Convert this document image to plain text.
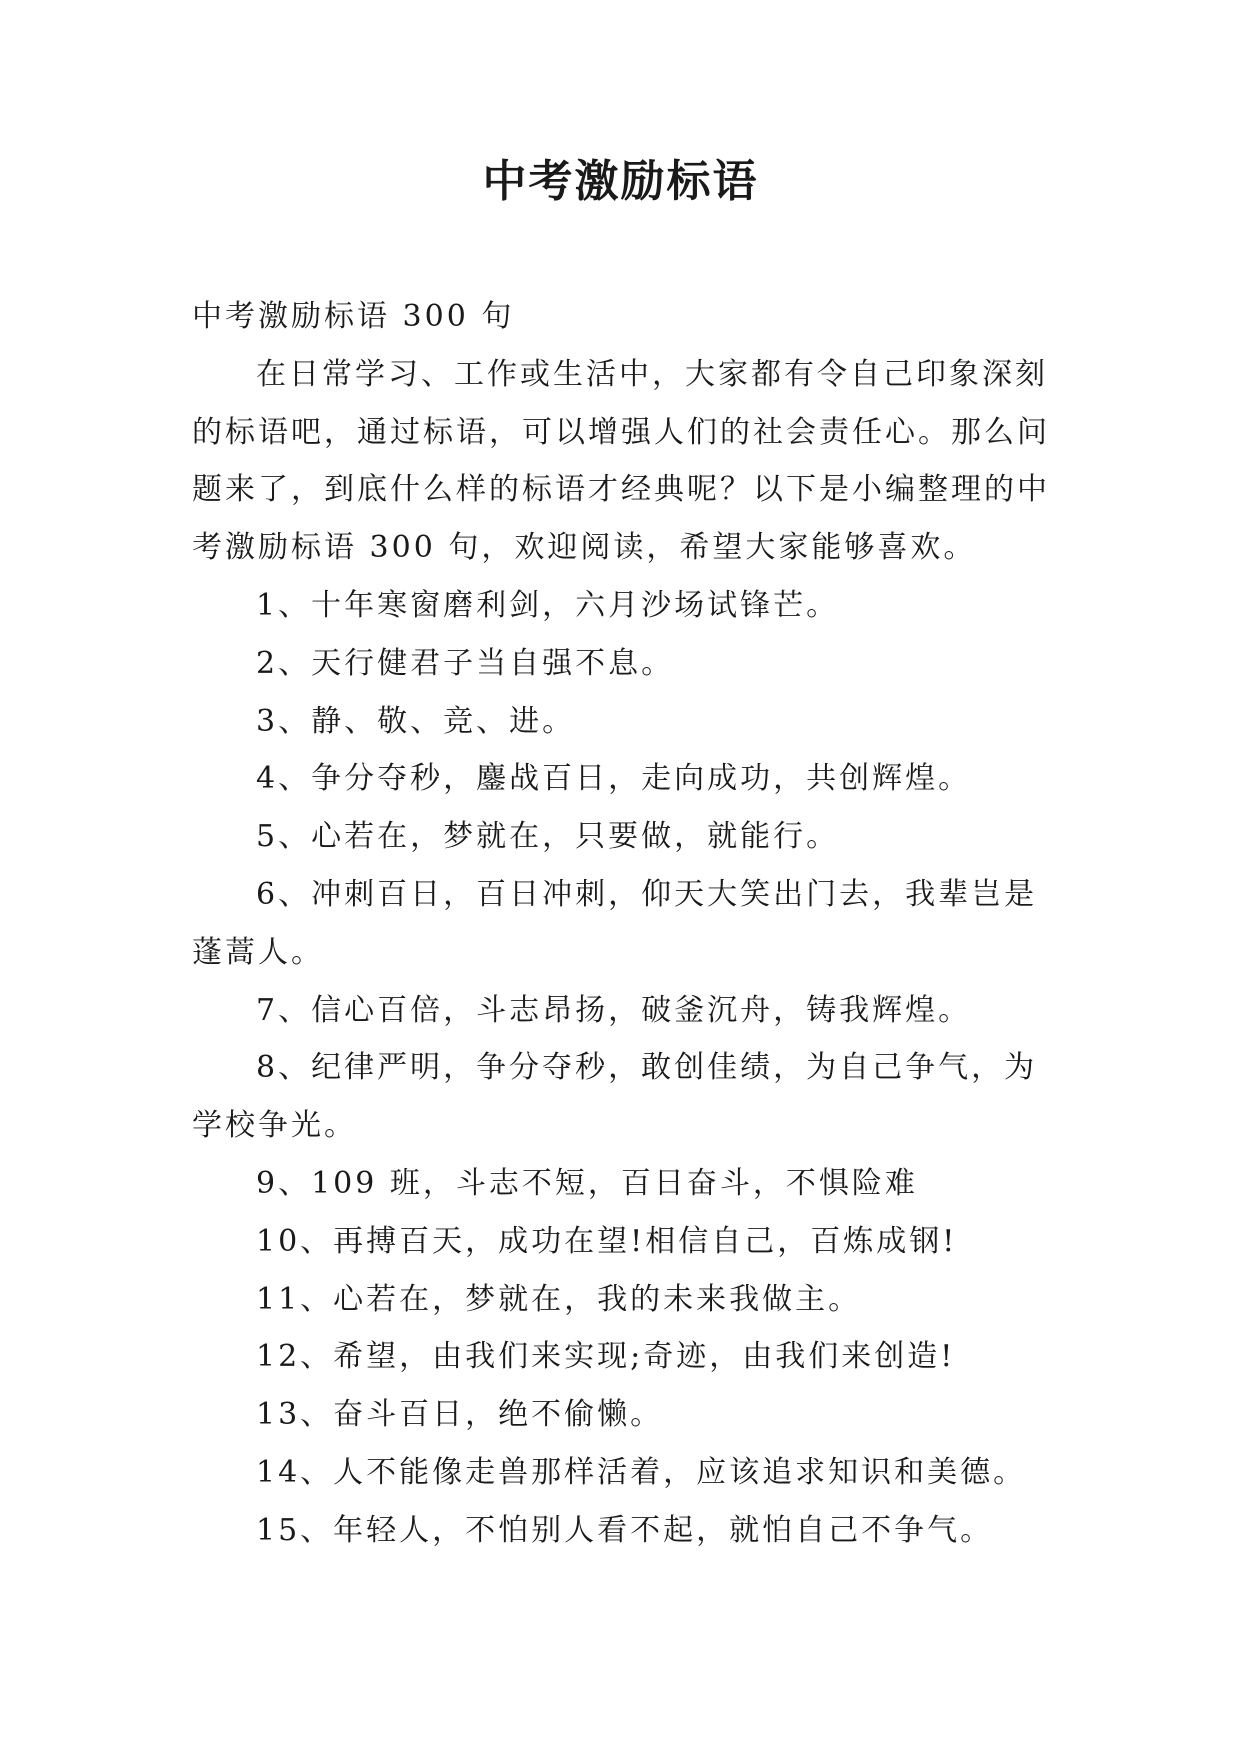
中考激励标语

中考激励标语 300 句

在日常学习、工作或生活中，大家都有令自己印象深刻的标语吧，通过标语，可以增强人们的社会责任心。那么问题来了，到底什么样的标语才经典呢？以下是小编整理的中考激励标语 300 句，欢迎阅读，希望大家能够喜欢。

1、十年寒窗磨利剑，六月沙场试锋芒。

2、天行健君子当自强不息。

3、静、敬、竞、进。

4、争分夺秒，鏖战百日，走向成功，共创辉煌。

5、心若在，梦就在，只要做，就能行。

6、冲刺百日，百日冲刺，仰天大笑出门去，我辈岂是蓬蒿人。

7、信心百倍，斗志昂扬，破釜沉舟，铸我辉煌。

8、纪律严明，争分夺秒，敢创佳绩，为自己争气，为学校争光。

9、109 班，斗志不短，百日奋斗，不惧险难

10、再搏百天，成功在望!相信自己，百炼成钢!

11、心若在，梦就在，我的未来我做主。

12、希望，由我们来实现;奇迹，由我们来创造!

13、奋斗百日，绝不偷懒。

14、人不能像走兽那样活着，应该追求知识和美德。

15、年轻人，不怕别人看不起，就怕自己不争气。
